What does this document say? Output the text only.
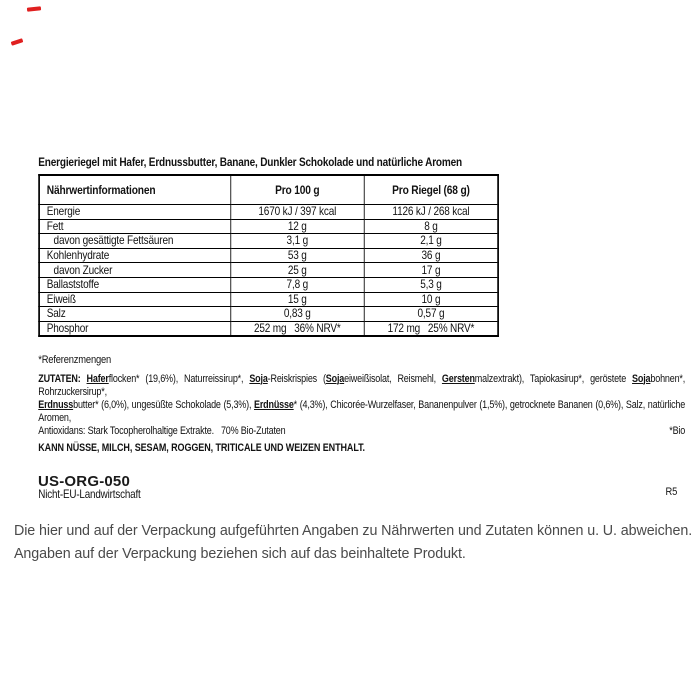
Energieriegel mit Hafer, Erdnussbutter, Banane, Dunkler Schokolade und natürliche Aromen
Nährwertinformationen	Pro 100 g	Pro Riegel (68 g)
Energie	1670 kJ / 397 kcal	1126 kJ / 268 kcal
Fett	12 g	8 g
davon gesättigte Fettsäuren	3,1 g	2,1 g
Kohlenhydrate	53 g	36 g
davon Zucker	25 g	17 g
Ballaststoffe	7,8 g	5,3 g
Eiweiß	15 g	10 g
Salz	0,83 g	0,57 g
Phosphor	252 mg   36% NRV*	172 mg   25% NRV*
*Referenzmengen
ZUTATEN: Haferflocken* (19,6%), Naturreissirup*, Soja-Reiskrispies (Sojaeiweißisolat, Reismehl, Gerstenmalzextrakt), Tapiokasirup*, geröstete Sojabohnen*, Rohrzuckersirup*,
Erdnussbutter* (6,0%), ungesüßte Schokolade (5,3%), Erdnüsse* (4,3%), Chicorée-Wurzelfaser, Bananenpulver (1,5%), getrocknete Bananen (0,6%), Salz, natürliche Aromen,
Antioxidans: Stark Tocopherolhaltige Extrakte.   70% Bio-Zutaten	*Bio
KANN NÜSSE, MILCH, SESAM, ROGGEN, TRITICALE UND WEIZEN ENTHALT.
Nicht-EU-Landwirtschaft	R5
US-ORG-050
Die hier und auf der Verpackung aufgeführten Angaben zu Nährwerten und Zutaten können u. U. abweichen.
Angaben auf der Verpackung beziehen sich auf das beinhaltete Produkt.
